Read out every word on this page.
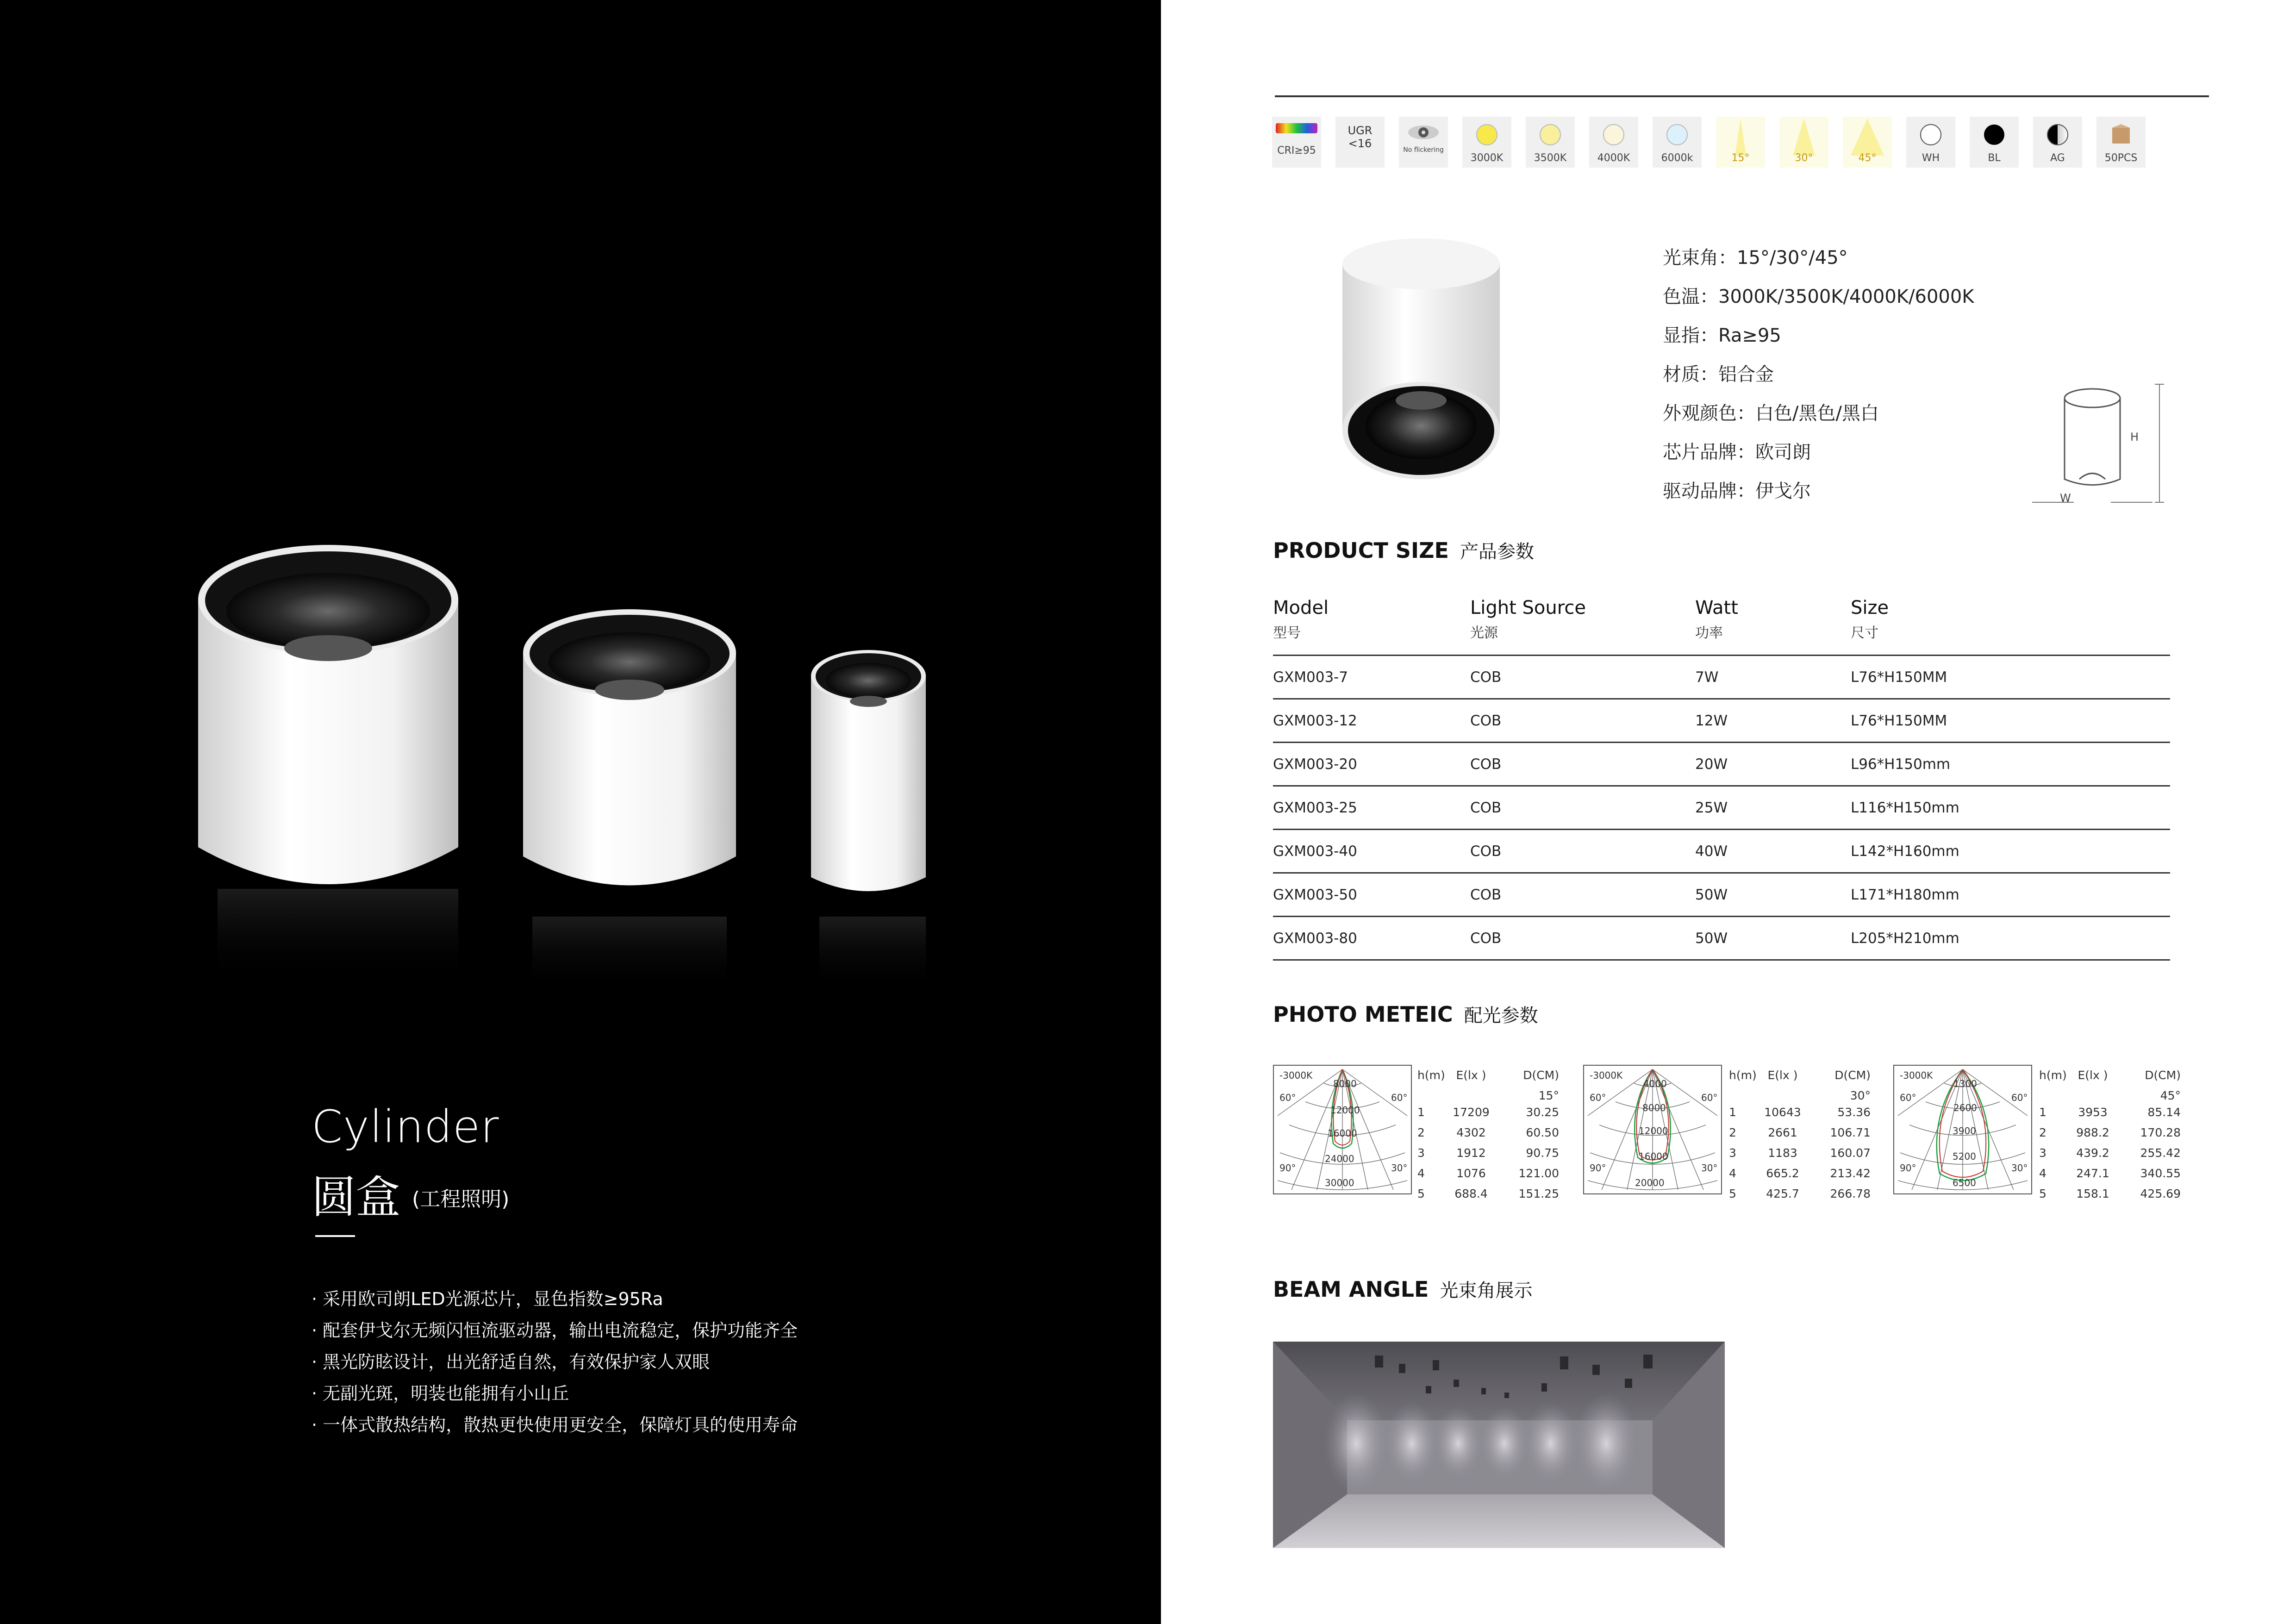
Cylinder
圆盒 (工程照明)
· 采用欧司朗LED光源芯片，显色指数≥95Ra
· 配套伊戈尔无频闪恒流驱动器，输出电流稳定，保护功能齐全
· 黑光防眩设计，出光舒适自然，有效保护家人双眼
· 无副光斑，明装也能拥有小山丘
· 一体式散热结构，散热更快使用更安全，保障灯具的使用寿命
CRI≥95
UGR
<16	No flickering
3000K	3500K	4000K	6000k	15°	30°	45°	WH	BL	AG	50PCS
光束角：15°/30°/45°
色温：3000K/3500K/4000K/6000K
显指：Ra≥95
材质：铝合金
外观颜色：白色/黑色/黑白
芯片品牌：欧司朗
驱动品牌：伊戈尔
H
W
PRODUCT SIZE 产品参数
Model
型号
Light Source
光源
Watt
功率
Size
尺寸
GXM003-7	COB	7W	L76*H150MM
GXM003-12	COB	12W	L76*H150MM
GXM003-20	COB	20W	L96*H150mm
GXM003-25	COB	25W	L116*H150mm
GXM003-40	COB	40W	L142*H160mm
GXM003-50	COB	50W	L171*H180mm
GXM003-80	COB	50W	L205*H210mm
PHOTO METEIC 配光参数
-3000K
8000
12000
16000
24000
30000
60°	60°
90°	30°
-3000K
4000
8000
12000
16000
20000
60°	60°
90°	30°
-3000K
1300
2600
3900
5200
6500
60°	60°
90°	30°
h(m) E(lx )	D(CM)
15°
1	17209	30.25
2	4302	60.50
3	1912	90.75
4	1076	121.00
5	688.4	151.25
h(m) E(lx )	D(CM)
30°
1	10643	53.36
2	2661	106.71
3	1183	160.07
4	665.2	213.42
5	425.7	266.78
h(m) E(lx )	D(CM)
45°
1	3953	85.14
2	988.2	170.28
3	439.2	255.42
4	247.1	340.55
5	158.1	425.69
BEAM ANGLE 光束角展示
